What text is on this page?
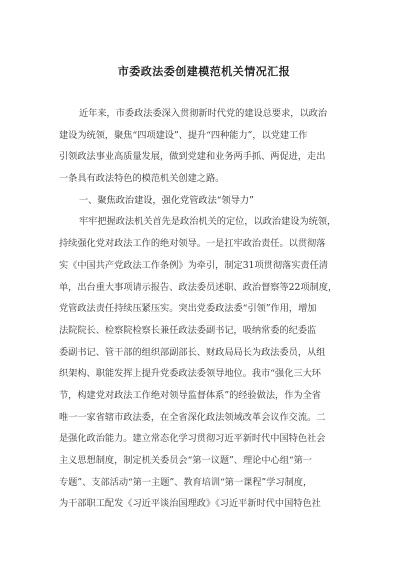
市委政法委创建模范机关情况汇报
近年来，市委政法委深入贯彻新时代党的建设总要求，以政治
建设为统领，聚焦“四项建设”、提升“四种能力”，以党建工作
引领政法事业高质量发展，做到党建和业务两手抓、两促进，走出
一条具有政法特色的模范机关创建之路。
一、聚焦政治建设，强化党管政法“领导力”
牢牢把握政法机关首先是政治机关的定位，以政治建设为统领，
持续强化党对政法工作的绝对领导。一是扛牢政治责任。以贯彻落
实《中国共产党政法工作条例》为牵引，制定31项贯彻落实责任清
单，出台重大事项请示报告、政法委员述职、政治督察等22项制度，
党管政法责任持续压紧压实。突出党委政法委“引领”作用，增加
法院院长、检察院检察长兼任政法委副书记，吸纳常委的纪委监
委副书记、管干部的组织部副部长、财政局局长为政法委员，从组
织架构、职能发挥上提升党委政法委领导地位。我市“强化三大环
节，构建党对政法工作绝对领导监督体系”的经验做法，作为全省
唯一一家省辖市政法委，在全省深化政法领域改革会议作交流。二
是强化政治能力。建立常态化学习贯彻习近平新时代中国特色社会
主义思想制度，制定机关委员会“第一议题”、理论中心组“第一
专题”、支部活动“第一主题”、教育培训“第一课程”学习制度，
为干部职工配发《习近平谈治国理政》《习近平新时代中国特色社
